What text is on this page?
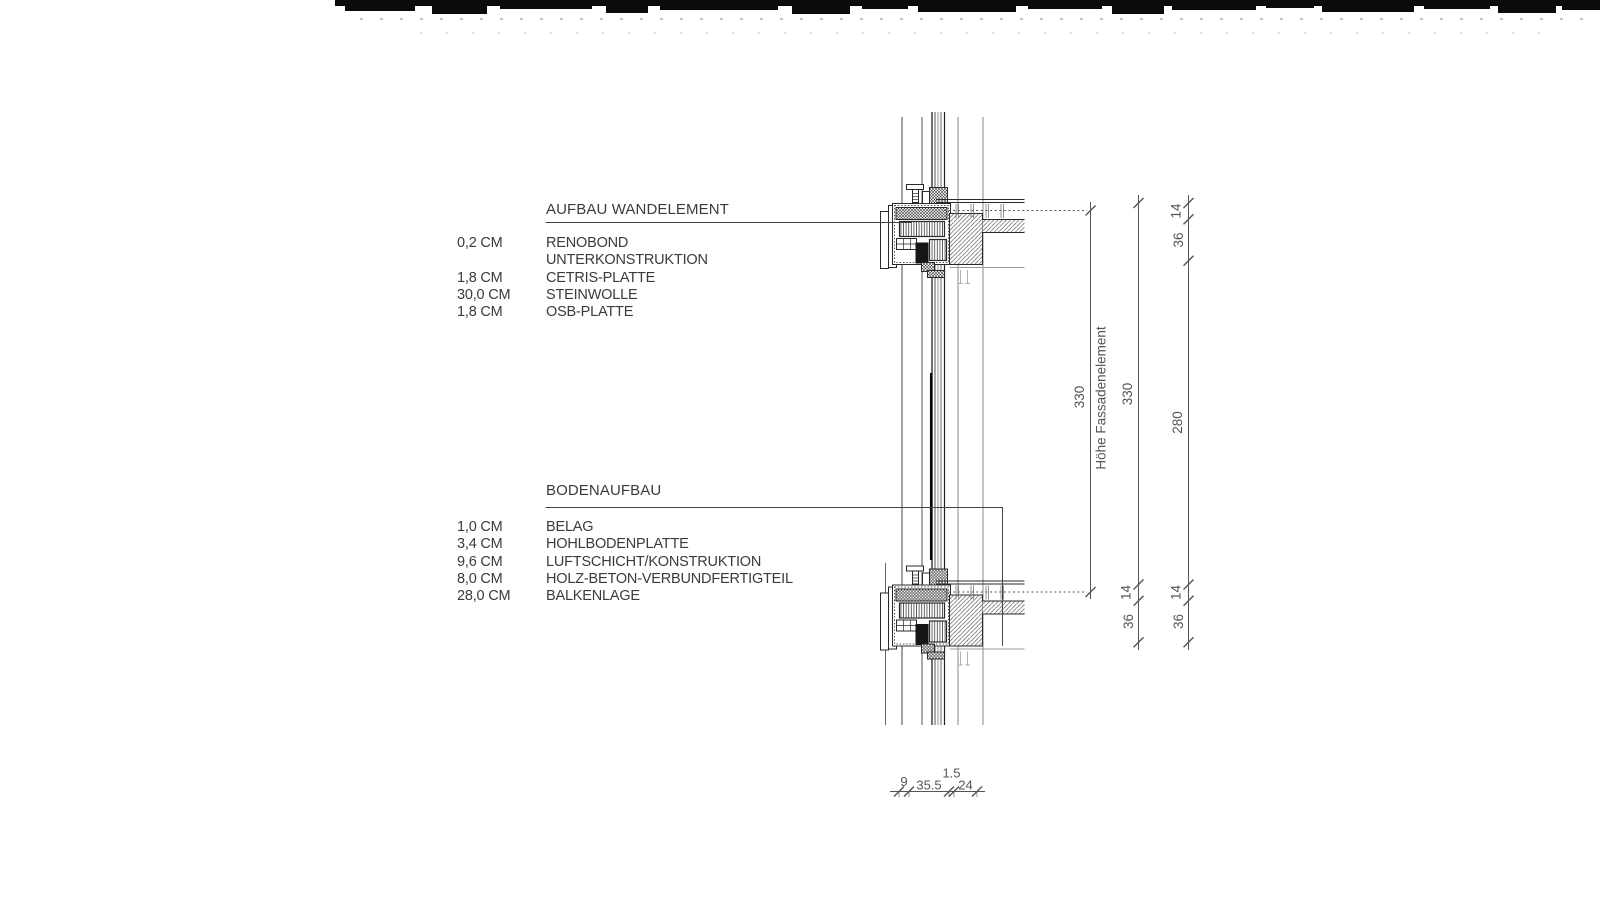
330 Höhe Fassadenelement 330
14
36
14
36
280
14
36
9 35.5
1.5
24
AUFBAU WANDELEMENT
0,2 CM	RENOBOND
UNTERKONSTRUKTION
1,8 CM	CETRIS-PLATTE
30,0 CM	STEINWOLLE
1,8 CM	OSB-PLATTE
BODENAUFBAU
1,0 CM	BELAG
3,4 CM	HOHLBODENPLATTE
9,6 CM	LUFTSCHICHT/KONSTRUKTION
8,0 CM	HOLZ-BETON-VERBUNDFERTIGTEIL
28,0 CM	BALKENLAGE
